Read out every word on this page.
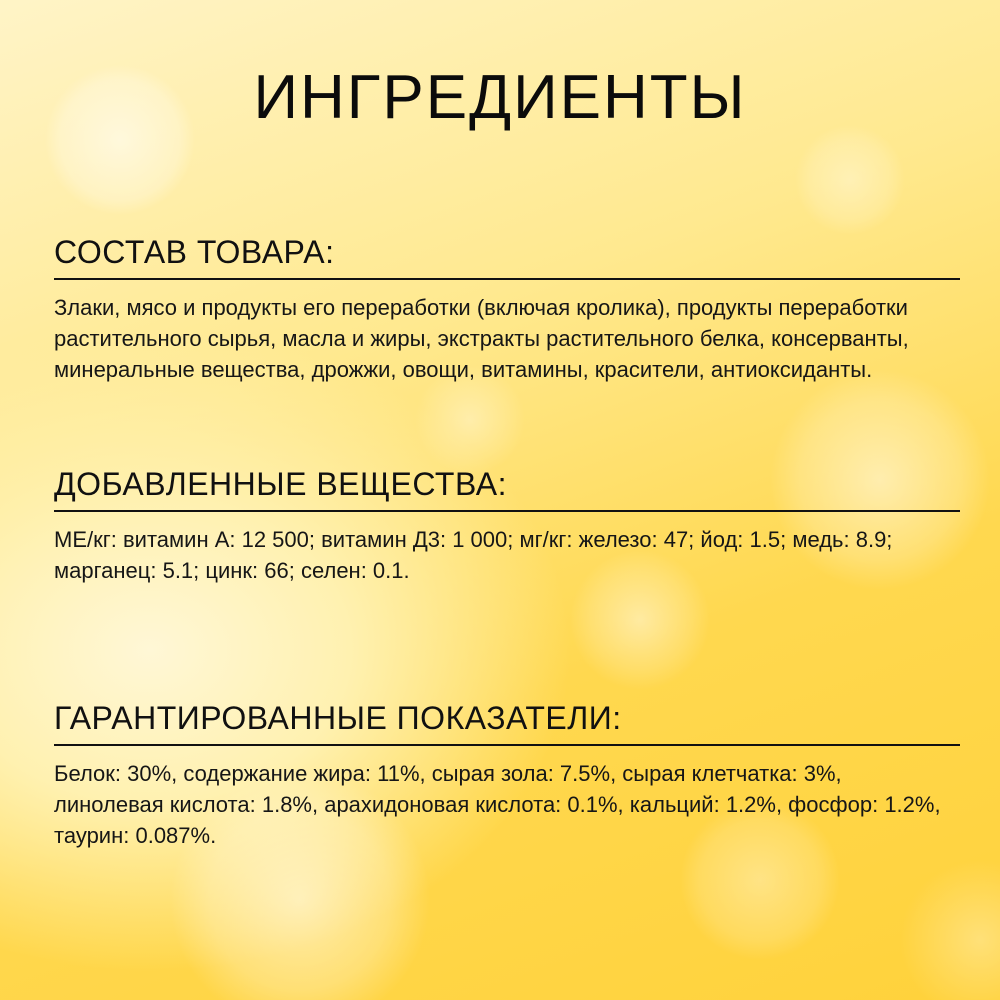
ИНГРЕДИЕНТЫ
СОСТАВ ТОВАРА:
Злаки, мясо и продукты его переработки (включая кролика), продукты переработки растительного сырья, масла и жиры, экстракты растительного белка, консерванты, минеральные вещества, дрожжи, овощи, витамины, красители, антиоксиданты.
ДОБАВЛЕННЫЕ ВЕЩЕСТВА:
МЕ/кг: витамин А: 12 500; витамин Д3: 1 000; мг/кг: железо: 47; йод: 1.5; медь: 8.9; марганец: 5.1; цинк: 66; селен: 0.1.
ГАРАНТИРОВАННЫЕ ПОКАЗАТЕЛИ:
Белок: 30%, содержание жира: 11%, сырая зола: 7.5%, сырая клетчатка: 3%, линолевая кислота: 1.8%, арахидоновая кислота: 0.1%, кальций: 1.2%, фосфор: 1.2%, таурин: 0.087%.
